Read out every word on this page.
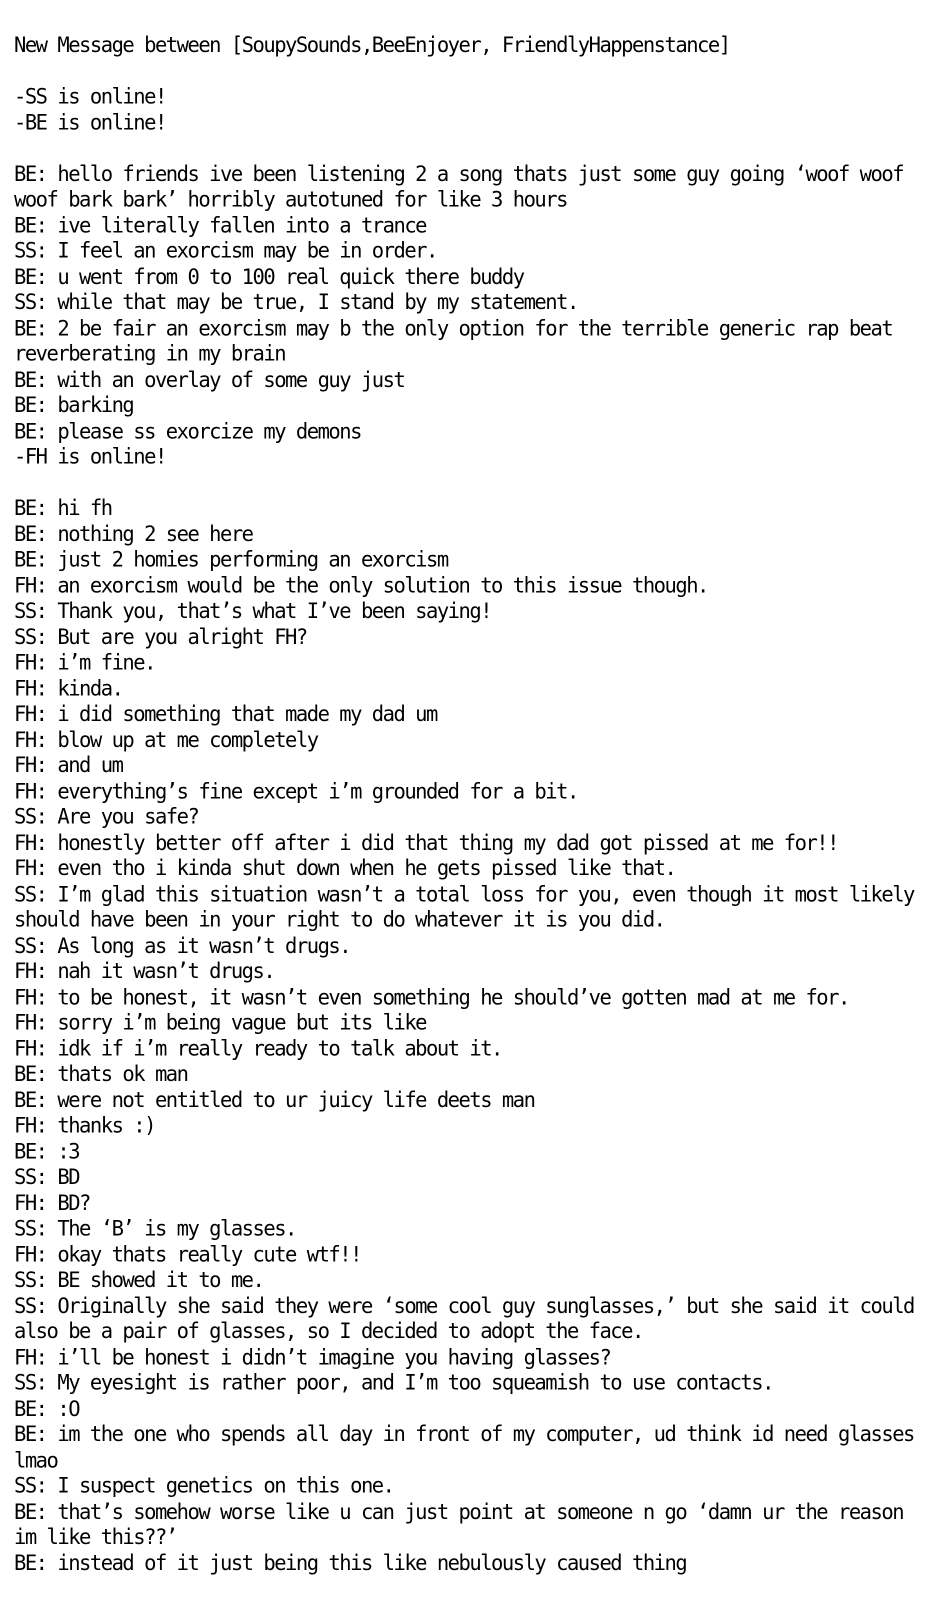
New Message between [SoupySounds,BeeEnjoyer, FriendlyHappenstance]
-SS is online!
-BE is online!
BE: hello friends ive been listening 2 a song thats just some guy going ‘woof woof woof bark bark’ horribly autotuned for like 3 hours
BE: ive literally fallen into a trance
SS: I feel an exorcism may be in order.
BE: u went from 0 to 100 real quick there buddy
SS: while that may be true, I stand by my statement.
BE: 2 be fair an exorcism may b the only option for the terrible generic rap beat reverberating in my brain
BE: with an overlay of some guy just
BE: barking
BE: please ss exorcize my demons
-FH is online!
BE: hi fh
BE: nothing 2 see here
BE: just 2 homies performing an exorcism
FH: an exorcism would be the only solution to this issue though.
SS: Thank you, that’s what I’ve been saying!
SS: But are you alright FH?
FH: i’m fine.
FH: kinda.
FH: i did something that made my dad um
FH: blow up at me completely
FH: and um
FH: everything’s fine except i’m grounded for a bit.
SS: Are you safe?
FH: honestly better off after i did that thing my dad got pissed at me for!!
FH: even tho i kinda shut down when he gets pissed like that.
SS: I’m glad this situation wasn’t a total loss for you, even though it most likely should have been in your right to do whatever it is you did.
SS: As long as it wasn’t drugs.
FH: nah it wasn’t drugs.
FH: to be honest, it wasn’t even something he should’ve gotten mad at me for.
FH: sorry i’m being vague but its like
FH: idk if i’m really ready to talk about it.
BE: thats ok man
BE: were not entitled to ur juicy life deets man
FH: thanks :)
BE: :3
SS: BD
FH: BD?
SS: The ‘B’ is my glasses.
FH: okay thats really cute wtf!!
SS: BE showed it to me.
SS: Originally she said they were ‘some cool guy sunglasses,’ but she said it could also be a pair of glasses, so I decided to adopt the face.
FH: i’ll be honest i didn’t imagine you having glasses?
SS: My eyesight is rather poor, and I’m too squeamish to use contacts.
BE: :O
BE: im the one who spends all day in front of my computer, ud think id need glasses lmao
SS: I suspect genetics on this one.
BE: that’s somehow worse like u can just point at someone n go ‘damn ur the reason im like this??’
BE: instead of it just being this like nebulously caused thing
